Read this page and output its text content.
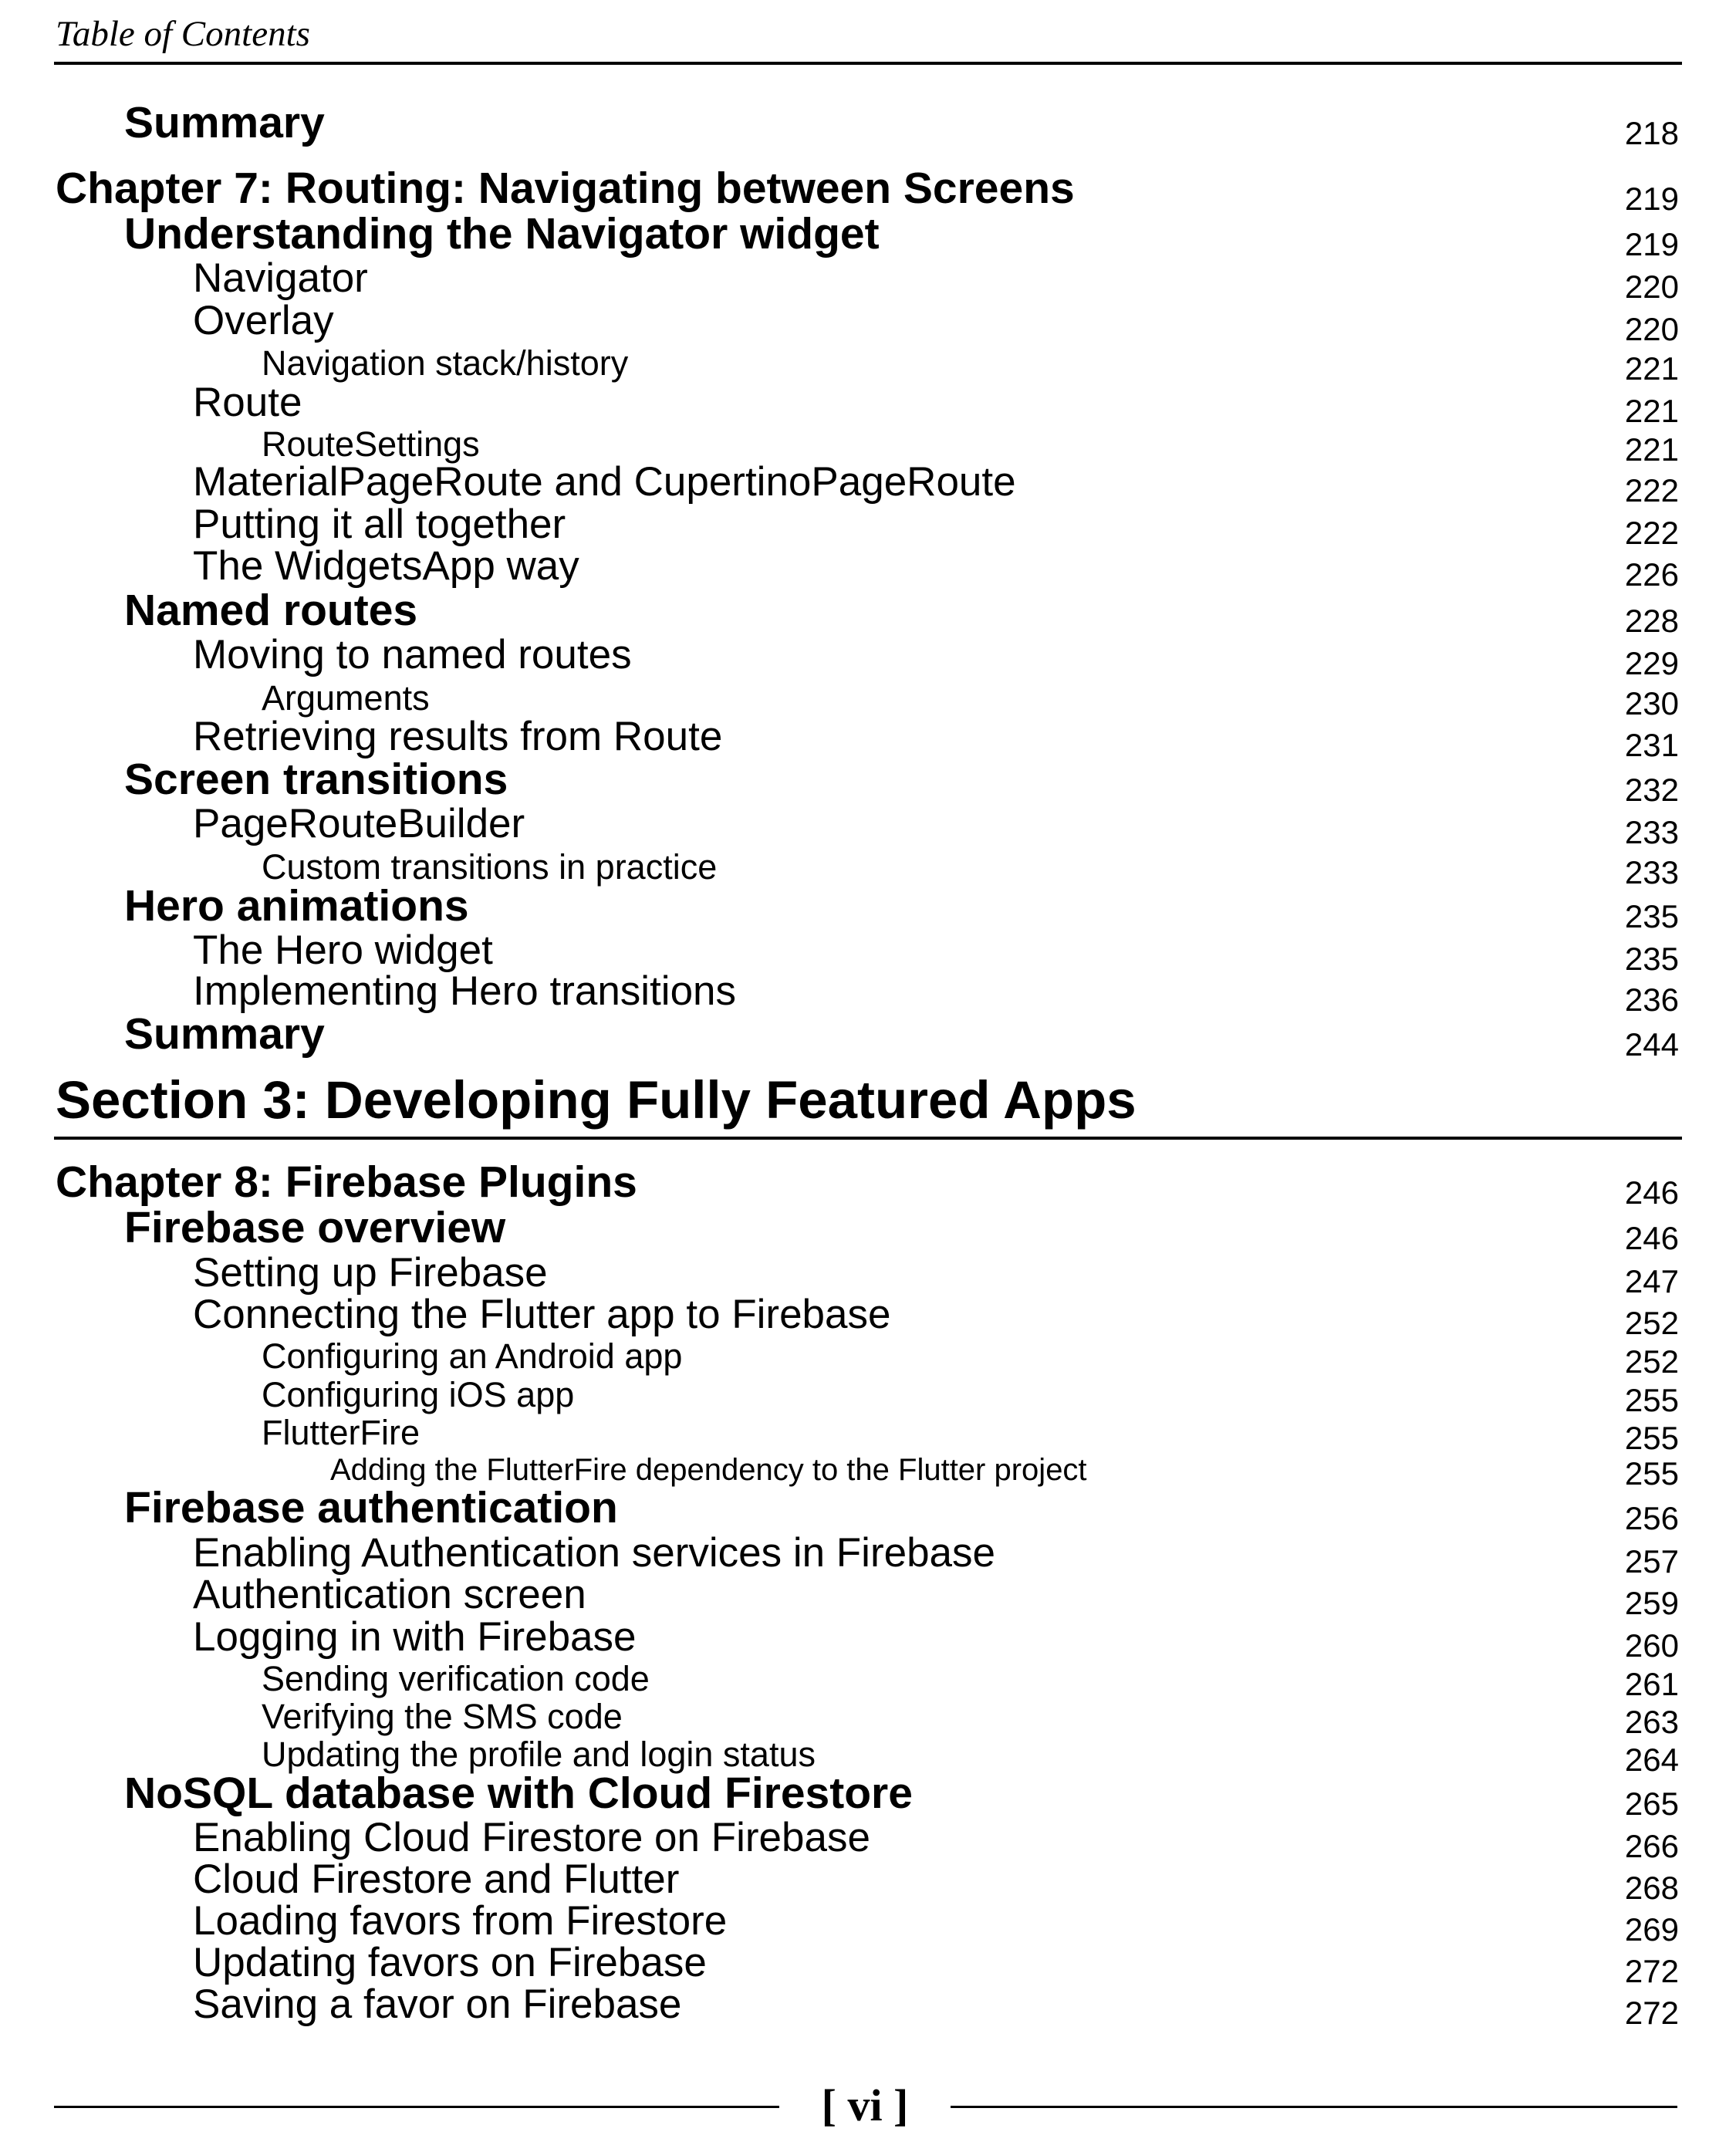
Table of Contents
Summary	218
Chapter 7: Routing: Navigating between Screens	219
Understanding the Navigator widget	219
Navigator	220
Overlay	220
Navigation stack/history	221
Route	221
RouteSettings	221
MaterialPageRoute and CupertinoPageRoute	222
Putting it all together	222
The WidgetsApp way	226
Named routes	228
Moving to named routes	229
Arguments	230
Retrieving results from Route	231
Screen transitions	232
PageRouteBuilder	233
Custom transitions in practice	233
Hero animations	235
The Hero widget	235
Implementing Hero transitions	236
Summary	244
Chapter 8: Firebase Plugins	246
Firebase overview	246
Setting up Firebase	247
Connecting the Flutter app to Firebase	252
Configuring an Android app	252
Configuring iOS app	255
FlutterFire	255
Adding the FlutterFire dependency to the Flutter project	255
Firebase authentication	256
Enabling Authentication services in Firebase	257
Authentication screen	259
Logging in with Firebase	260
Sending verification code	261
Verifying the SMS code	263
Updating the profile and login status	264
NoSQL database with Cloud Firestore	265
Enabling Cloud Firestore on Firebase	266
Cloud Firestore and Flutter	268
Loading favors from Firestore	269
Updating favors on Firebase	272
Saving a favor on Firebase	272
Section 3: Developing Fully Featured Apps
[ vi ]
